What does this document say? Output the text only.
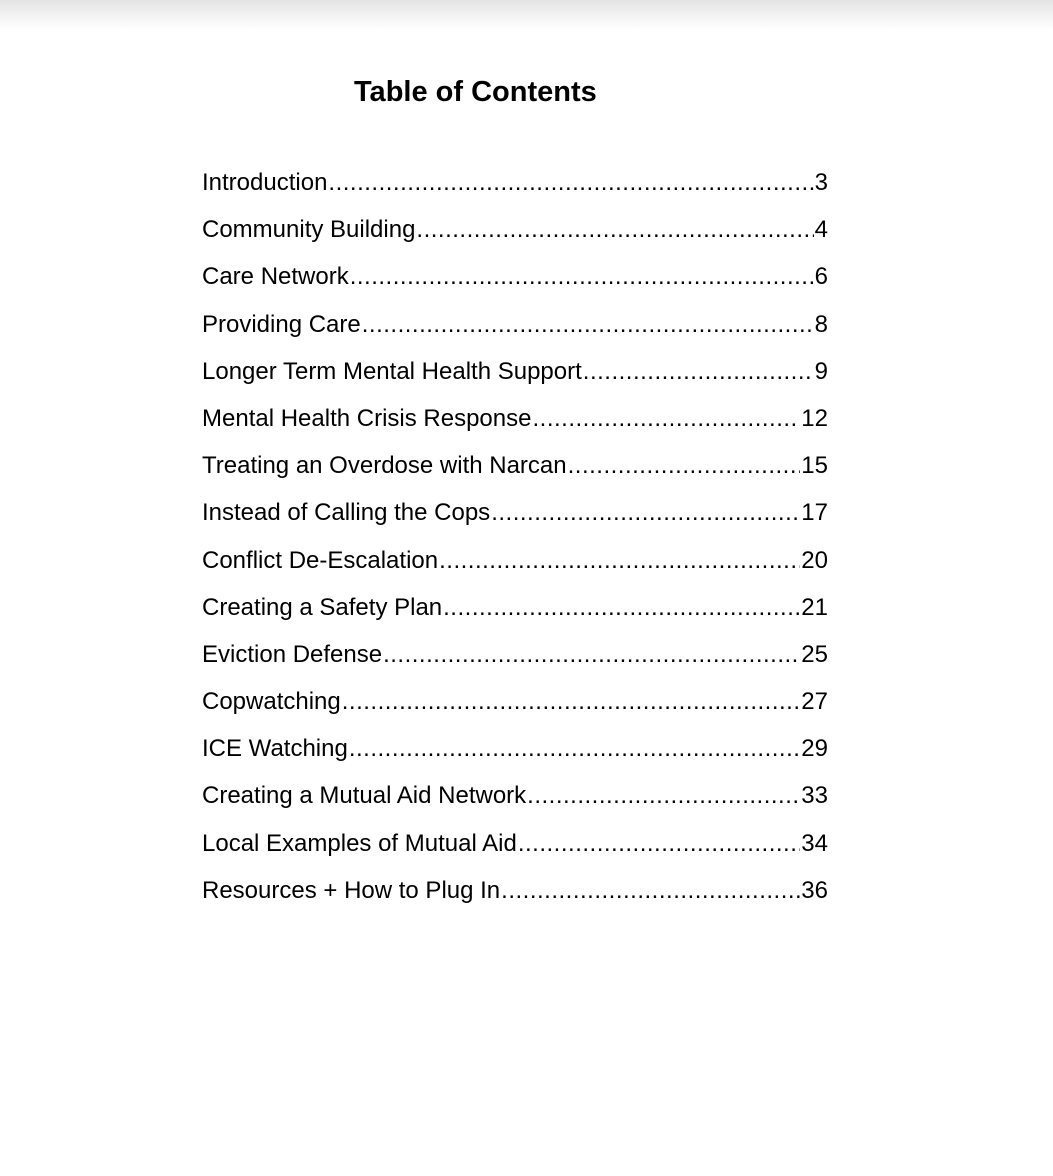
Table of Contents
Introduction .....	3
Community Building .....	4
Care Network .....	6
Providing Care .....	8
Longer Term Mental Health Support .....	9
Mental Health Crisis Response .....	12
Treating an Overdose with Narcan .....	15
Instead of Calling the Cops .....	17
Conflict De-Escalation .....	20
Creating a Safety Plan .....	21
Eviction Defense .....	25
Copwatching .....	27
ICE Watching .....	29
Creating a Mutual Aid Network .....	33
Local Examples of Mutual Aid .....	34
Resources + How to Plug In .....	36
